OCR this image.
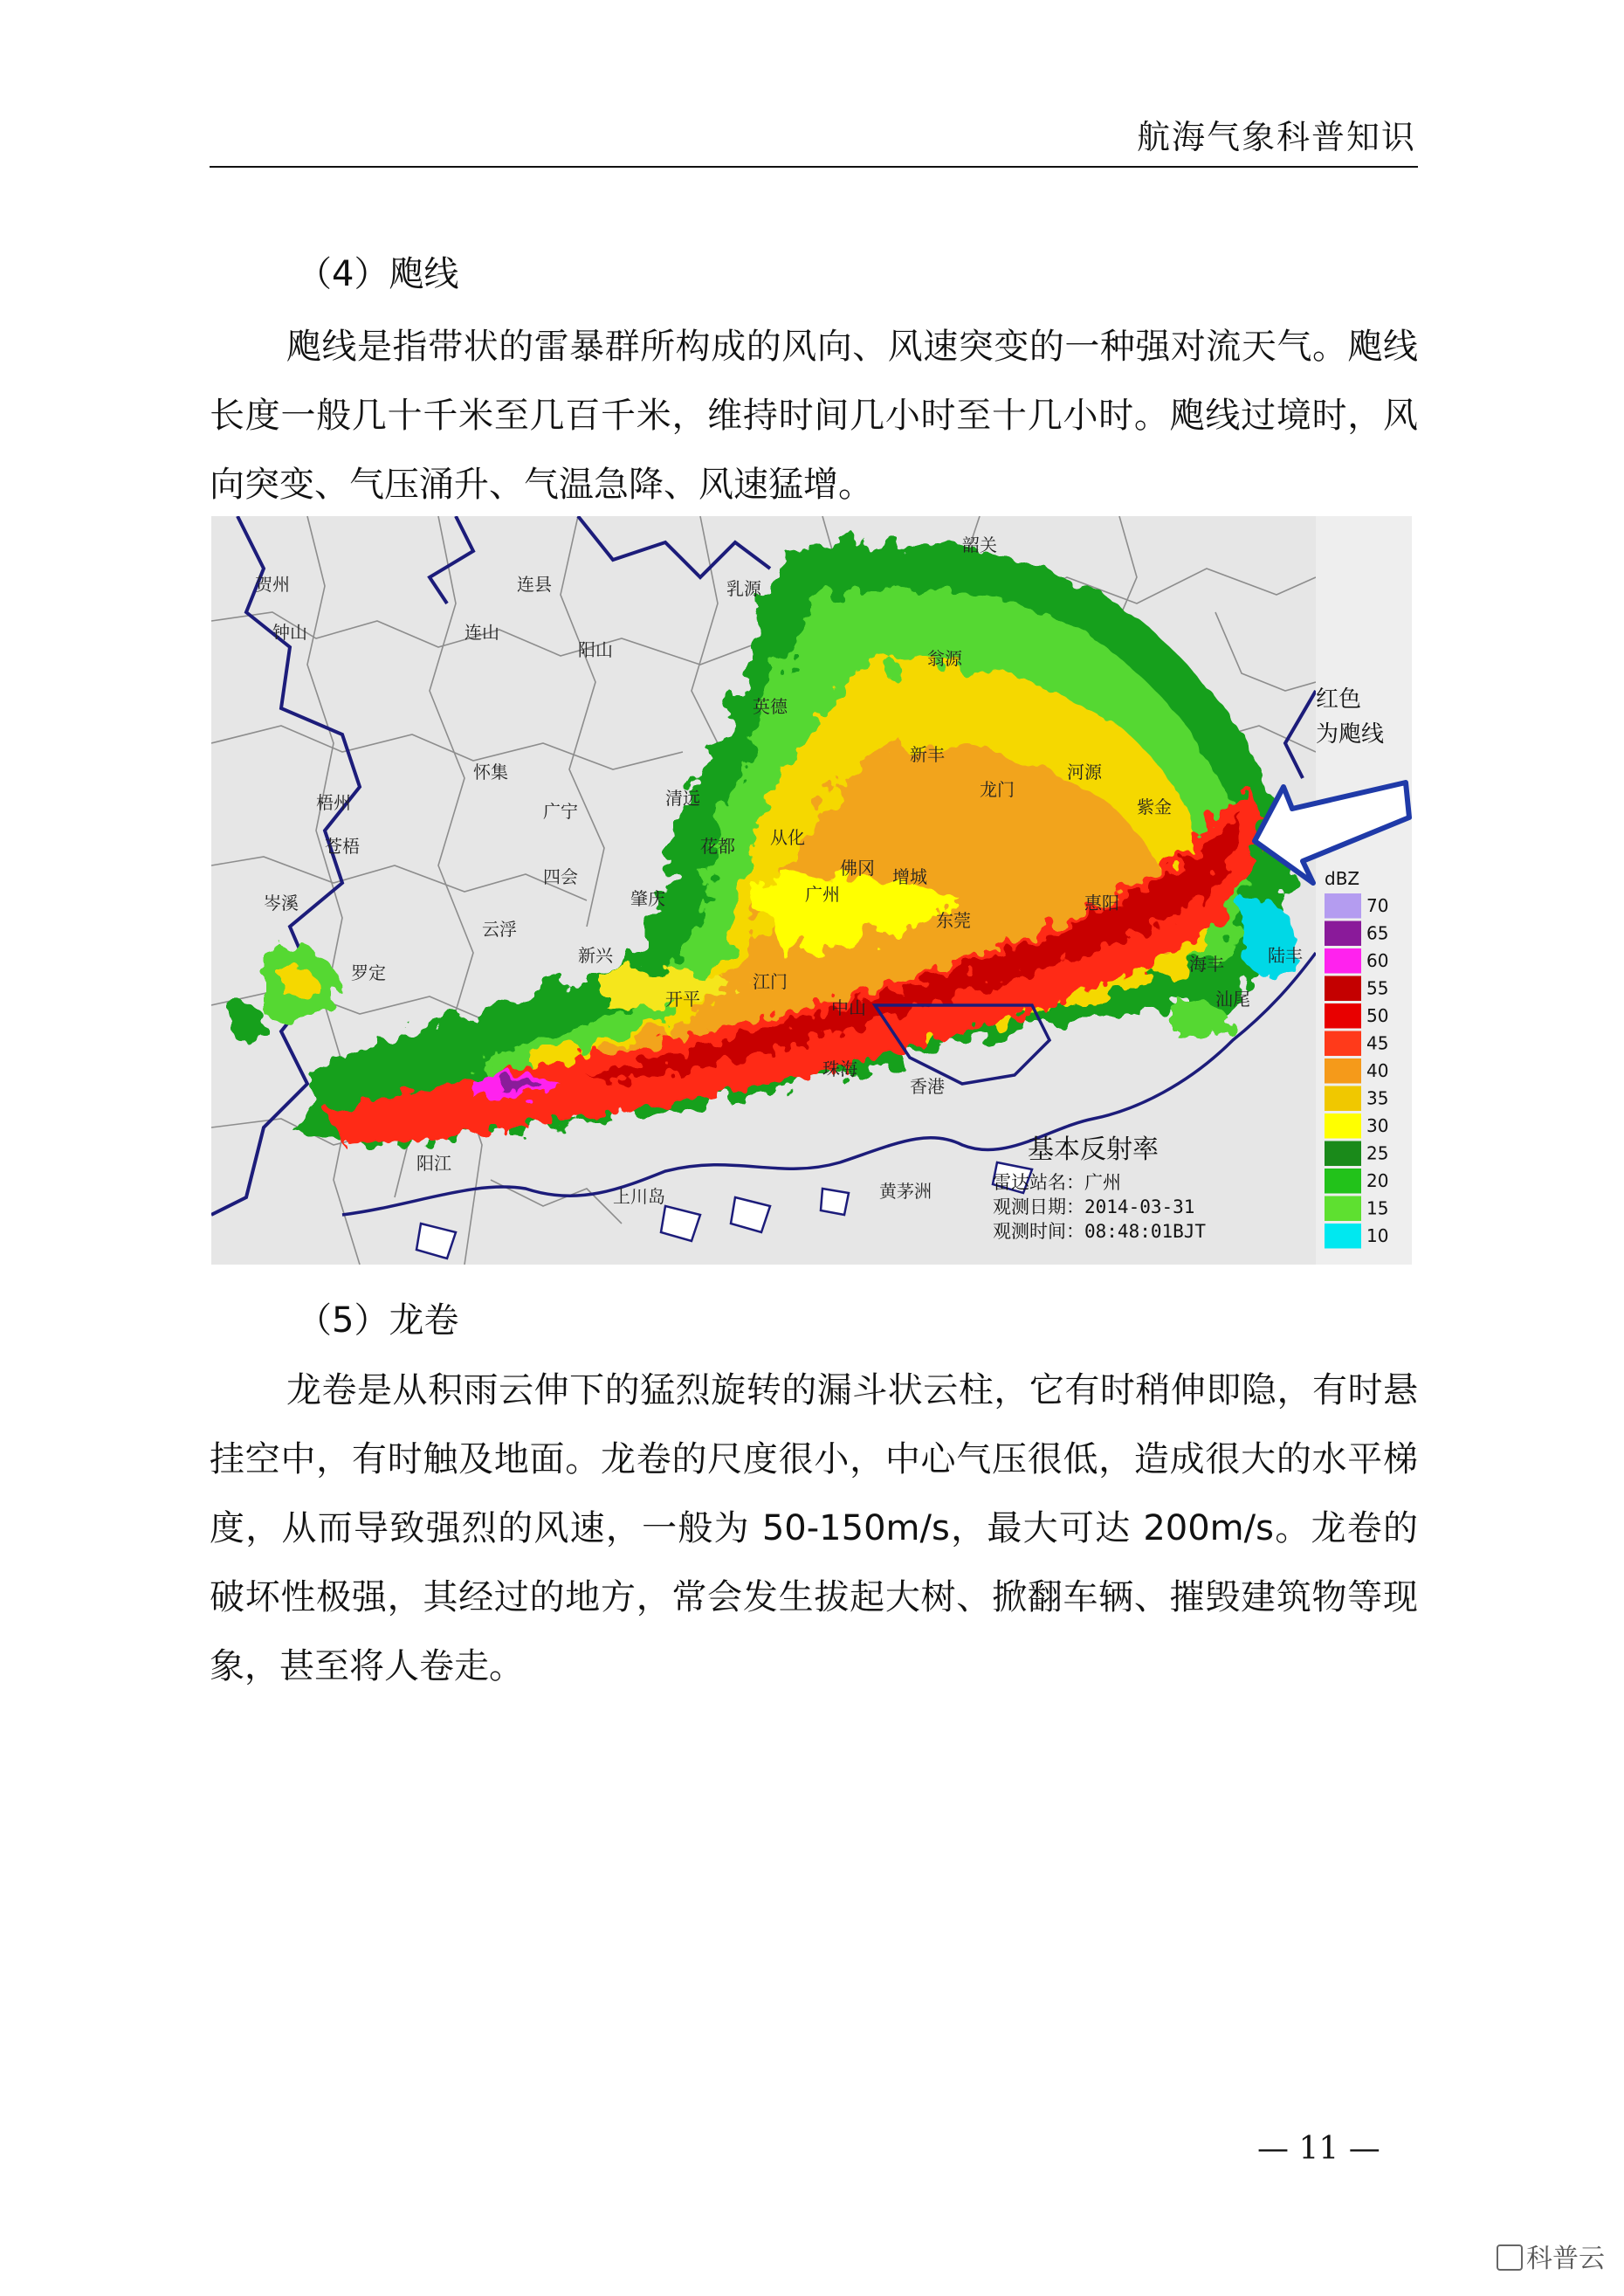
航海气象科普知识
（4）飑线

飑线是指带状的雷暴群所构成的风向、风速突变的一种强对流天气。飑线长度一般几十千米至几百千米，维持时间几小时至十几小时。飑线过境时，风向突变、气压涌升、气温急降、风速猛增。

贺州
钟山
连县
连山
阳山
乳源
韶关
翁源
英德
怀集
广宁
四会
清远
花都 从化
佛冈
新丰
龙门
河源
紫金
惠阳
东莞
增城
广州
肇庆
云浮
罗定
新兴
开平
江门
中山
珠海
香港
阳江
上川岛	黄茅洲
梧州
苍梧
岑溪
汕尾
海丰	陆丰
基本反射率
雷达站名：广州
观测日期：2014-03-31
观测时间：08:48:01BJT
红色
为飑线
dBZ
70
65
60
55
50
45
40
35
30
25
20
15
10
（5）龙卷

龙卷是从积雨云伸下的猛烈旋转的漏斗状云柱，它有时稍伸即隐，有时悬挂空中，有时触及地面。龙卷的尺度很小，中心气压很低，造成很大的水平梯度，从而导致强烈的风速，一般为 50-150m/s，最大可达 200m/s。龙卷的破坏性极强，其经过的地方，常会发生拔起大树、掀翻车辆、摧毁建筑物等现象，甚至将人卷走。

— 11 —
科普云
